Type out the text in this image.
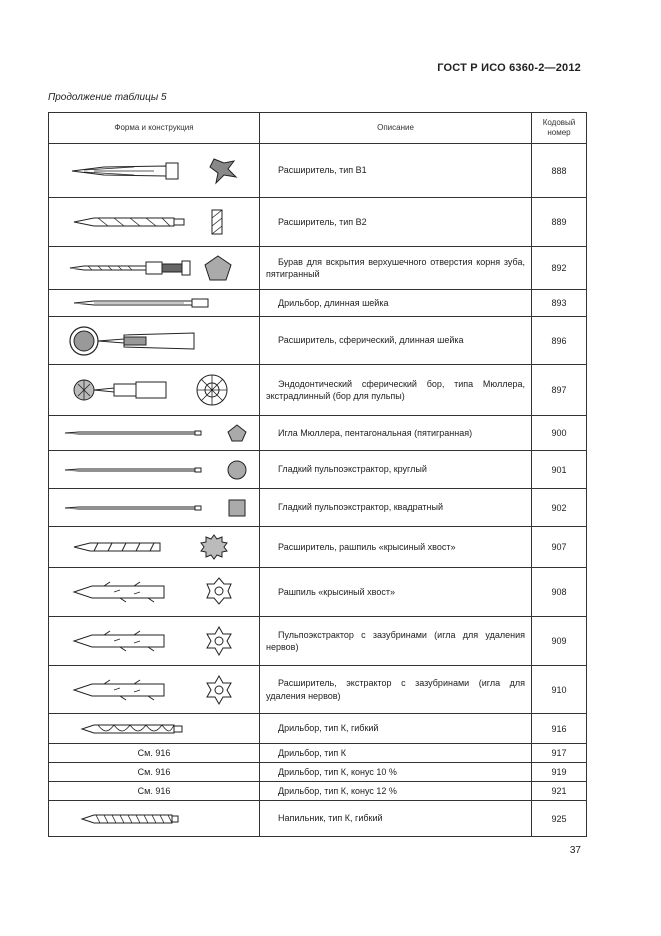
ГОСТ Р ИСО 6360-2—2012
Продолжение таблицы 5
Форма и конструкция	Описание	Кодовый номер

Расширитель, тип В1	888

Расширитель, тип В2	889

Бурав для вскрытия верхушечного отверстия корня зуба, пятигранный	892

Дрильбор, длинная шейка	893

Расширитель, сферический, длинная шейка	896

Эндодонтический сферический бор, типа Мюллера, экстрадлинный (бор для пульпы)	897

Игла Мюллера, пентагональная (пятигранная)	900

Гладкий пульпоэкстрактор, круглый	901

Гладкий пульпоэкстрактор, квадратный	902

Расширитель, рашпиль «крысиный хвост»	907

Рашпиль «крысиный хвост»	908

Пульпоэкстрактор с зазубринами (игла для удаления нервов)	909

Расширитель, экстрактор с зазубринами (игла для удаления нервов)	910

Дрильбор, тип К, гибкий	916
См. 916	Дрильбор, тип К	917
См. 916	Дрильбор, тип К, конус 10 %	919
См. 916	Дрильбор, тип К, конус 12 %	921

Напильник, тип К, гибкий	925
37
